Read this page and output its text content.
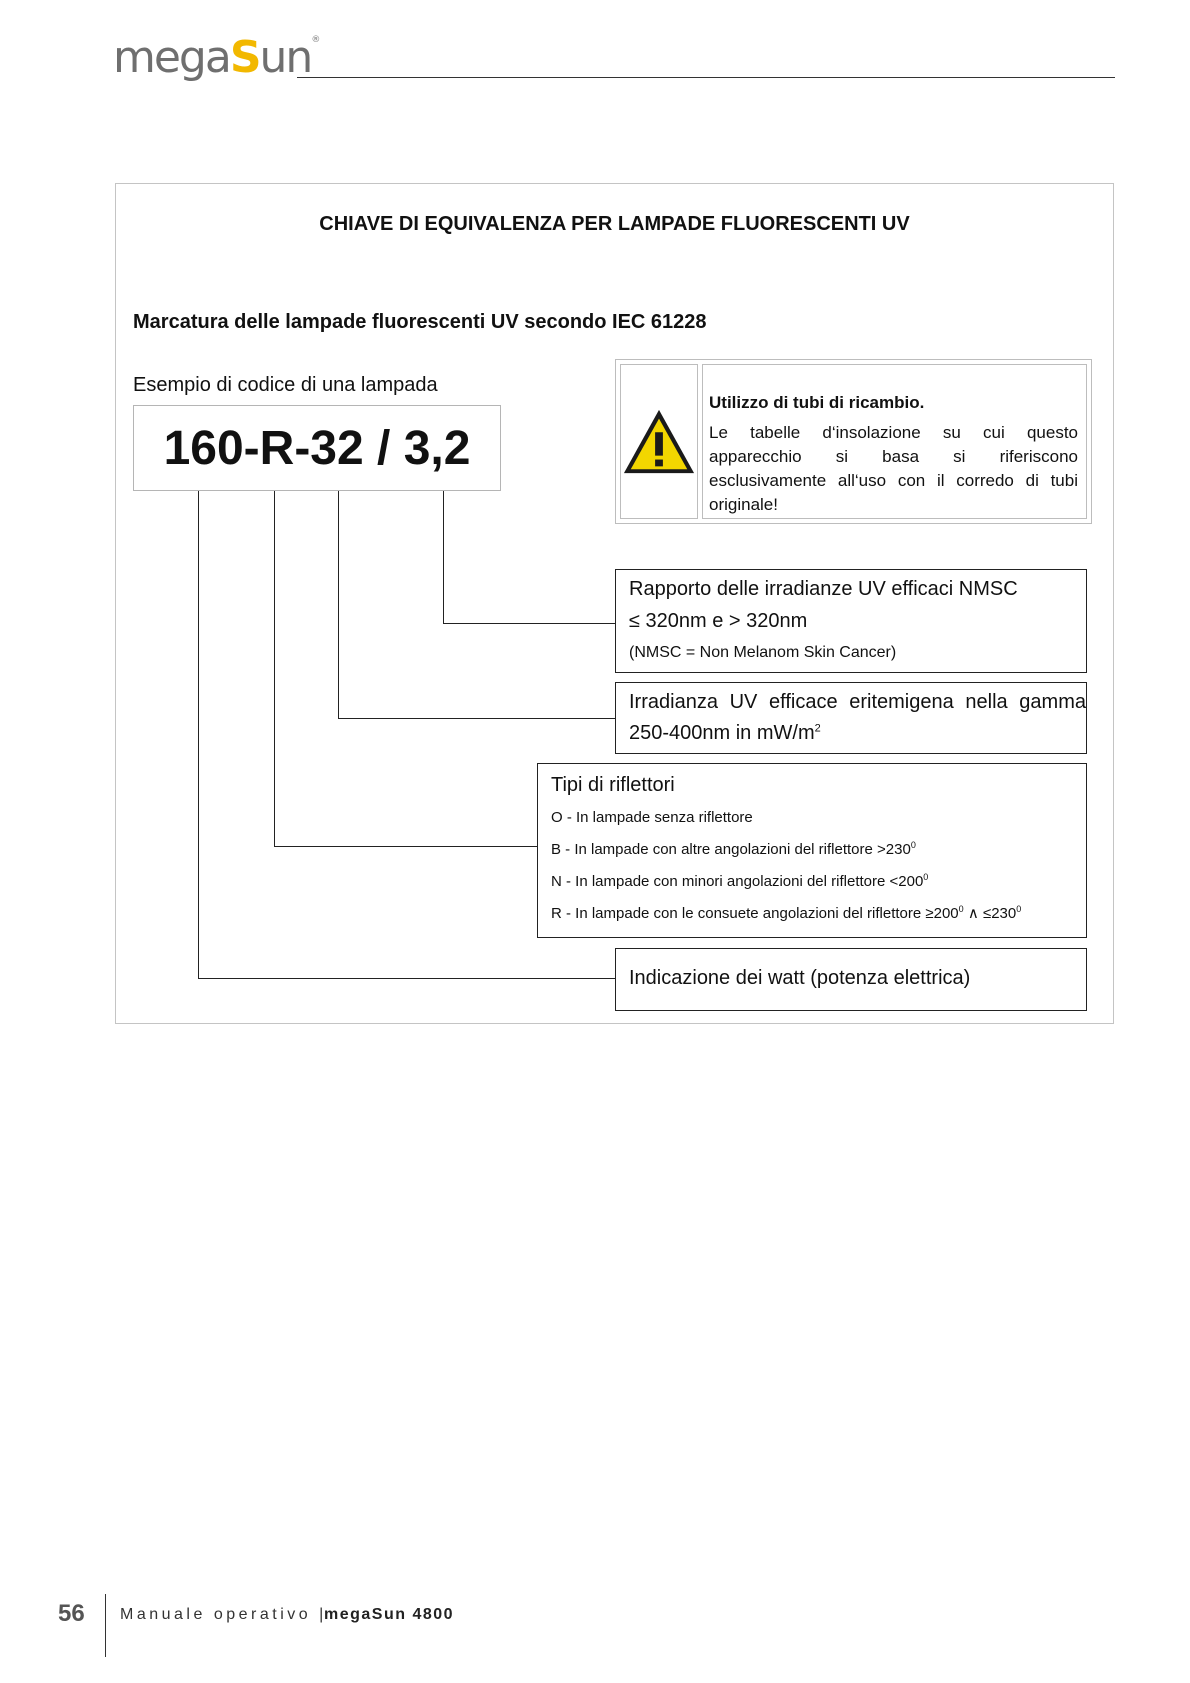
megaSun®
CHIAVE DI EQUIVALENZA PER LAMPADE FLUORESCENTI UV
Marcatura delle lampade fluorescenti UV secondo IEC 61228
Esempio di codice di una lampada
160-R-32 / 3,2
Utilizzo di tubi di ricambio.
Le tabelle d‘insolazione su cui questo apparecchio si basa si riferiscono esclusivamente all‘uso con il corredo di tubi originale!
Rapporto delle irradianze UV efficaci NMSC
≤ 320nm e > 320nm
(NMSC = Non Melanom Skin Cancer)
Irradianza UV efficace eritemigena nella gamma
250-400nm in $mW/m^2$
Tipi di riflettori
O - In lampade senza riflettore
B - In lampade con altre angolazioni del riflettore $>230^0$
N - In lampade con minori angolazioni del riflettore $<200^0$
R - In lampade con le consuete angolazioni del riflettore $\ge 200^0$ ∧ $\le 230^0$
Indicazione dei watt (potenza elettrica)
56 Manuale operativo |
megaSun 4800
